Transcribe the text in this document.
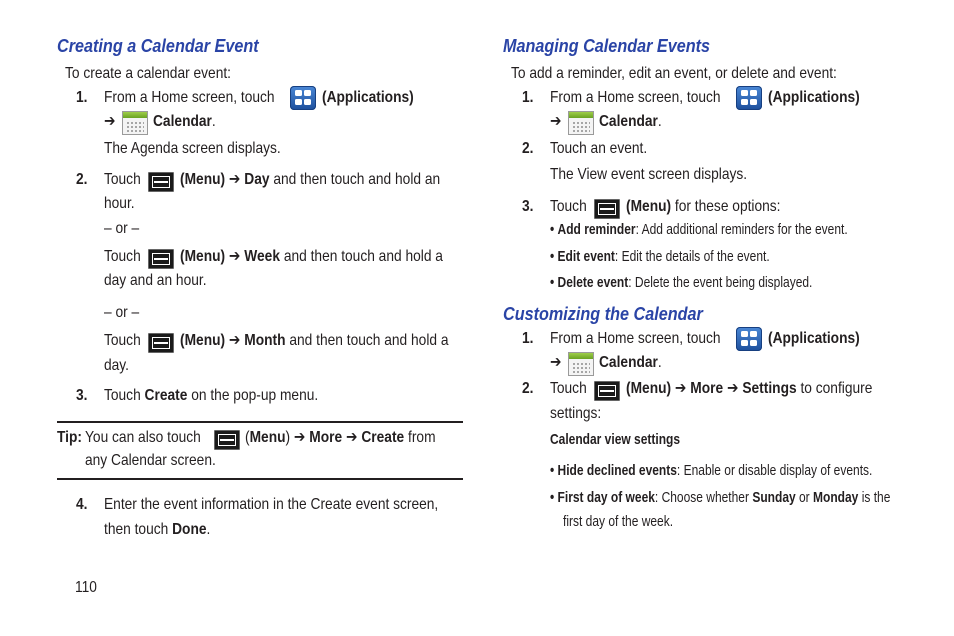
Creating a Calendar Event
To create a calendar event:
1. From a Home screen, touch	(Applications)
➔ Calendar.
The Agenda screen displays.
2. Touch (Menu) ➔ Day and then touch and hold an
hour.
– or –
Touch (Menu) ➔ Week and then touch and hold a
day and an hour.
– or –
Touch (Menu) ➔ Month and then touch and hold a
day.
3. Touch Create on the pop-up menu.
Tip: You can also touch	(Menu) ➔ More ➔ Create from
any Calendar screen.
4. Enter the event information in the Create event screen,
then touch Done.
110
Managing Calendar Events
To add a reminder, edit an event, or delete and event:
1. From a Home screen, touch	(Applications)
➔ Calendar.
2. Touch an event.
The View event screen displays.
3. Touch (Menu) for these options:
• Add reminder: Add additional reminders for the event.
• Edit event: Edit the details of the event.
• Delete event: Delete the event being displayed.
Customizing the Calendar
1. From a Home screen, touch	(Applications)
➔ Calendar.
2. Touch (Menu) ➔ More ➔ Settings to configure
settings:
Calendar view settings
• Hide declined events: Enable or disable display of events.
• First day of week: Choose whether Sunday or Monday is the
first day of the week.
